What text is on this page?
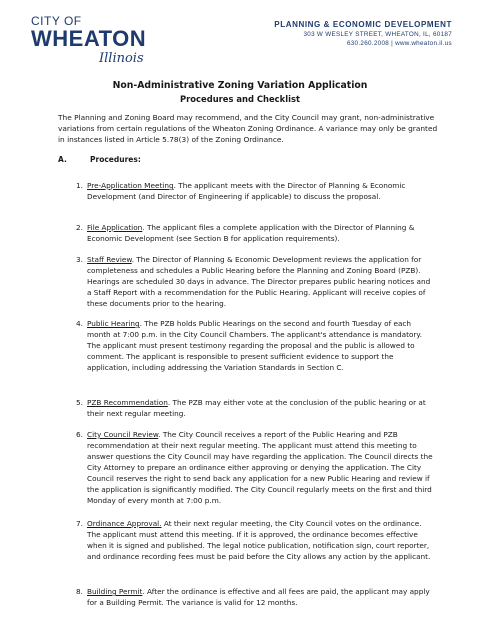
CITY OF
WHEATON
Illinois
PLANNING & ECONOMIC DEVELOPMENT
303 W WESLEY STREET, WHEATON, IL, 60187
630.260.2008 | www.wheaton.il.us
Non-Administrative Zoning Variation Application
Procedures and Checklist
The Planning and Zoning Board may recommend, and the City Council may grant, non-administrative variations from certain regulations of the Wheaton Zoning Ordinance. A variance may only be granted in instances listed in Article 5.78(3) of the Zoning Ordinance.
A.	Procedures:
1. Pre-Application Meeting. The applicant meets with the Director of Planning & Economic Development (and Director of Engineering if applicable) to discuss the proposal.
2. File Application. The applicant files a complete application with the Director of Planning & Economic Development (see Section B for application requirements).
3. Staff Review. The Director of Planning & Economic Development reviews the application for completeness and schedules a Public Hearing before the Planning and Zoning Board (PZB). Hearings are scheduled 30 days in advance. The Director prepares public hearing notices and a Staff Report with a recommendation for the Public Hearing. Applicant will receive copies of these documents prior to the hearing.
4. Public Hearing. The PZB holds Public Hearings on the second and fourth Tuesday of each month at 7:00 p.m. in the City Council Chambers. The applicant's attendance is mandatory. The applicant must present testimony regarding the proposal and the public is allowed to comment. The applicant is responsible to present sufficient evidence to support the application, including addressing the Variation Standards in Section C.
5. PZB Recommendation. The PZB may either vote at the conclusion of the public hearing or at their next regular meeting.
6. City Council Review. The City Council receives a report of the Public Hearing and PZB recommendation at their next regular meeting. The applicant must attend this meeting to answer questions the City Council may have regarding the application. The Council directs the City Attorney to prepare an ordinance either approving or denying the application. The City Council reserves the right to send back any application for a new Public Hearing and review if the application is significantly modified. The City Council regularly meets on the first and third Monday of every month at 7:00 p.m.
7. Ordinance Approval. At their next regular meeting, the City Council votes on the ordinance. The applicant must attend this meeting. If it is approved, the ordinance becomes effective when it is signed and published. The legal notice publication, notification sign, court reporter, and ordinance recording fees must be paid before the City allows any action by the applicant.
8. Building Permit. After the ordinance is effective and all fees are paid, the applicant may apply for a Building Permit. The variance is valid for 12 months.
